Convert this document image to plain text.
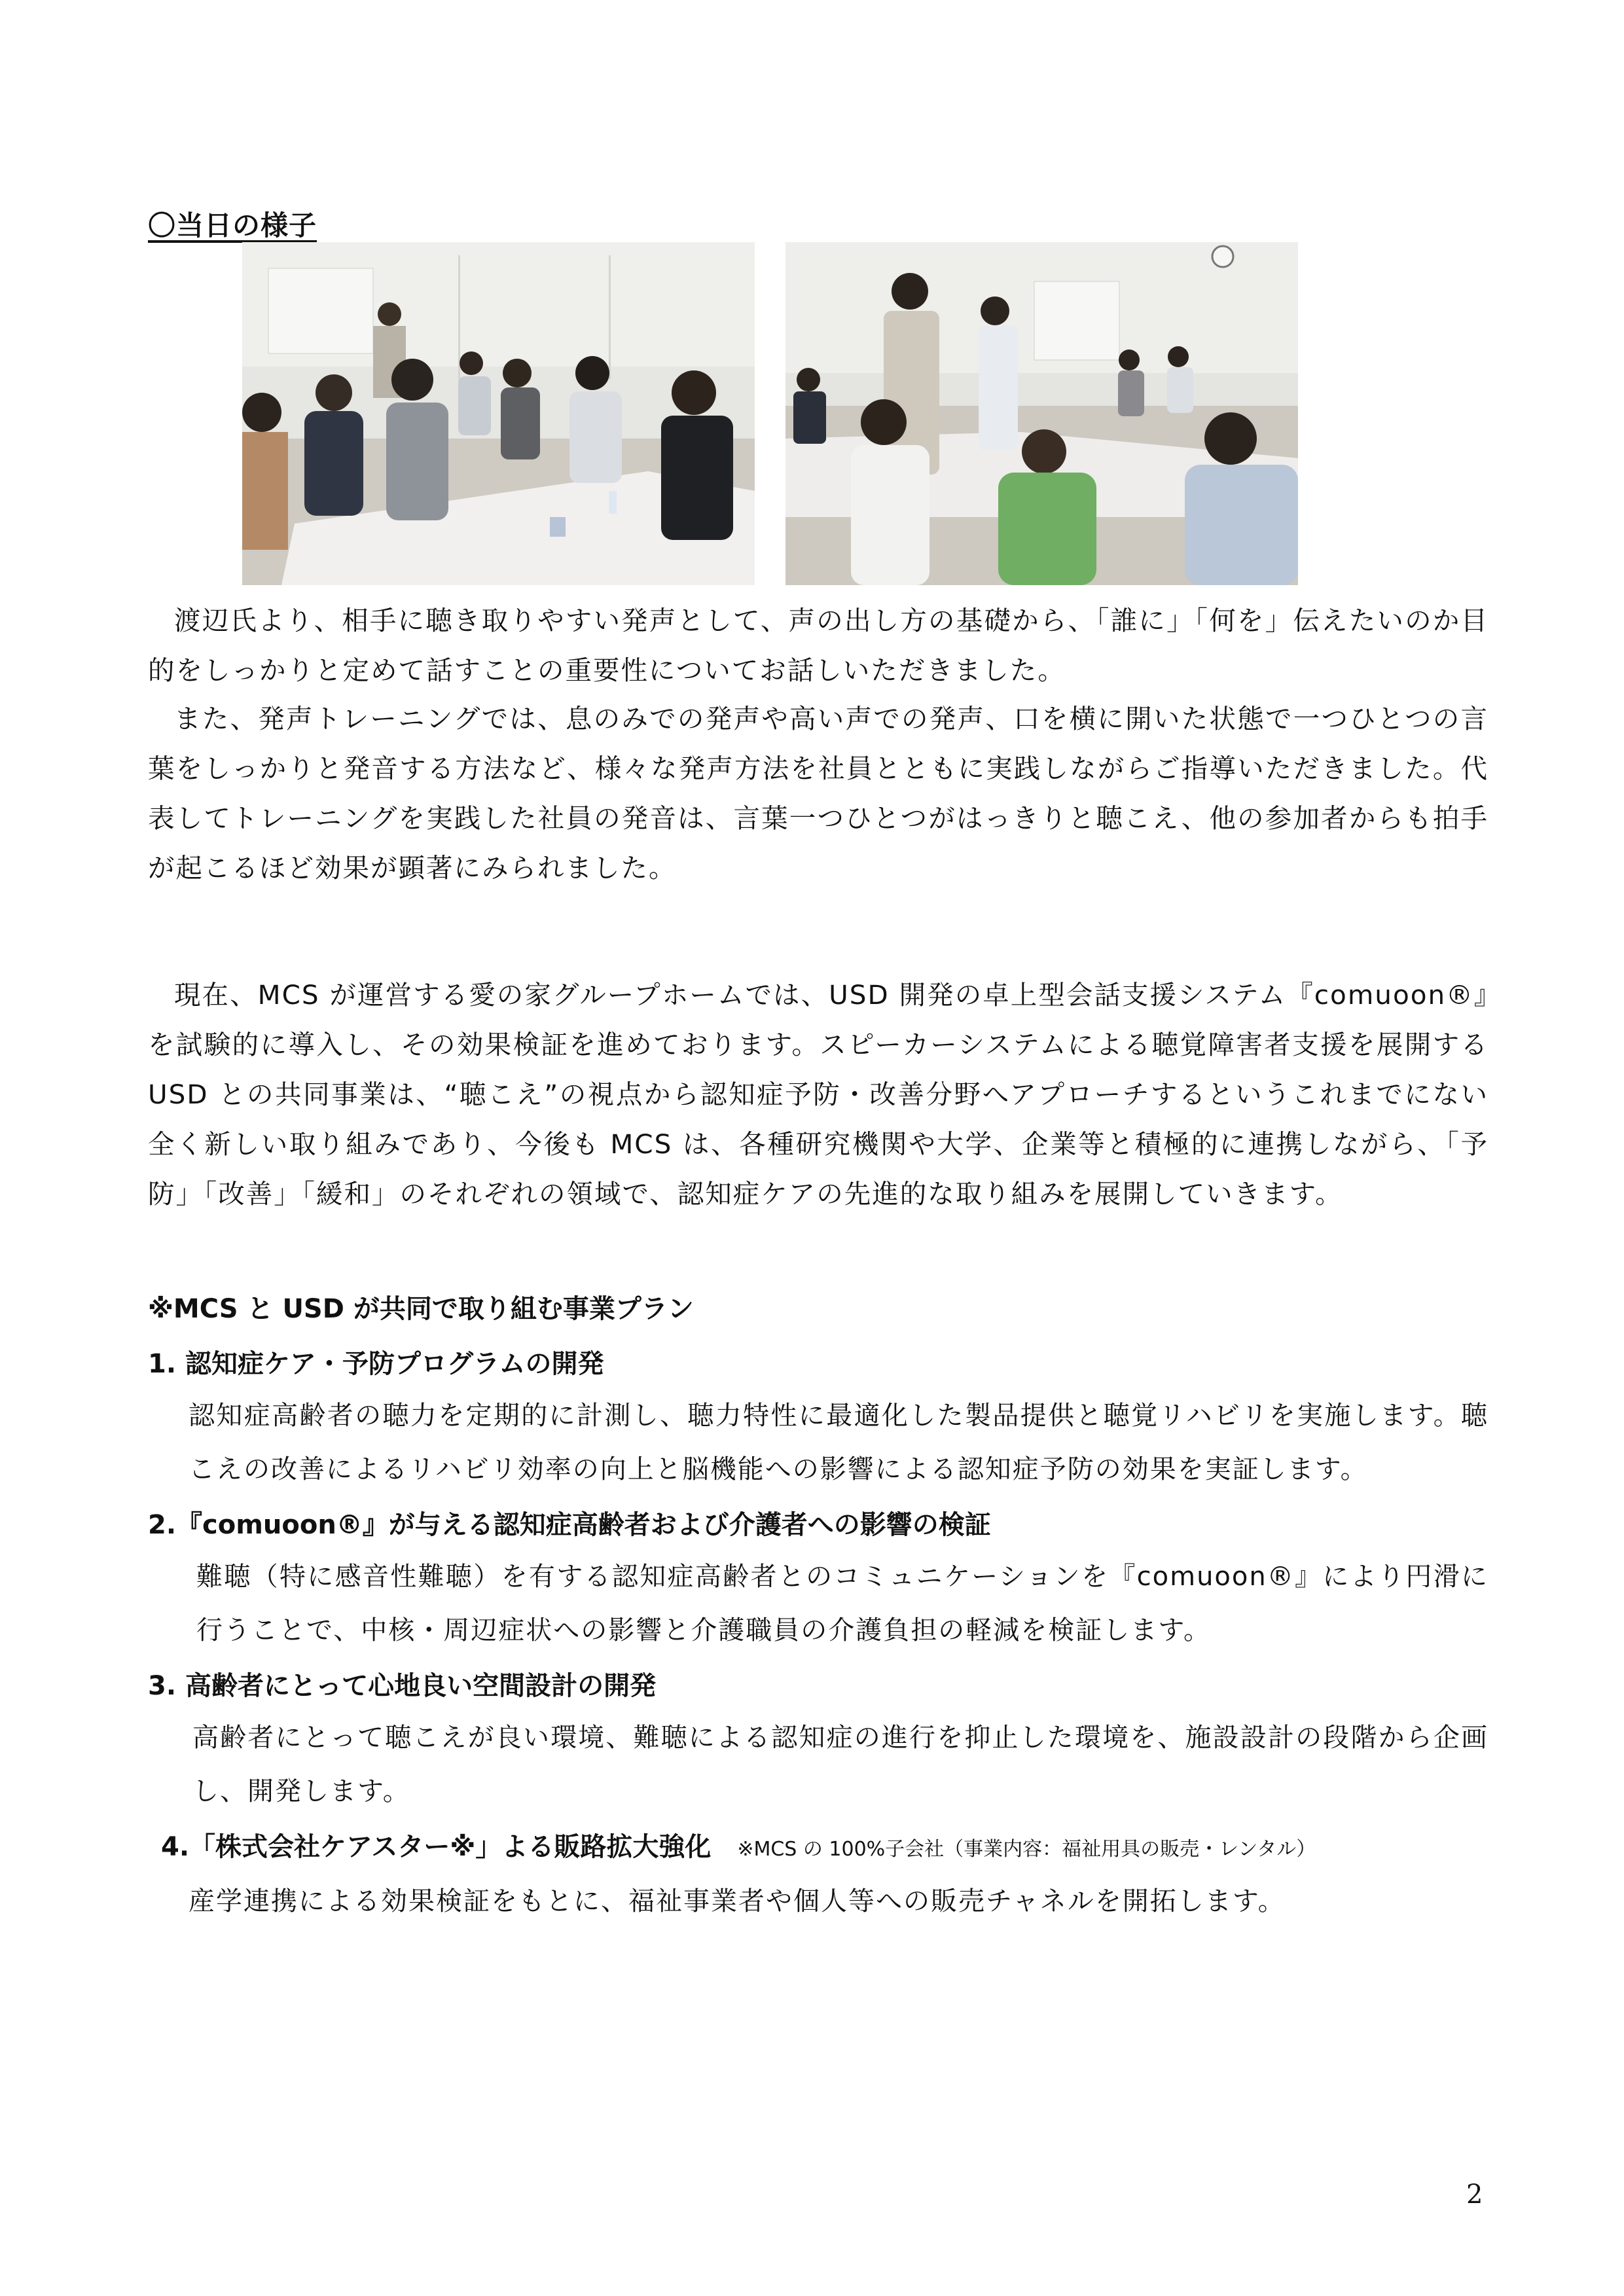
〇当日の様子

渡辺氏より、相手に聴き取りやすい発声として、声の出し方の基礎から、「誰に」「何を」伝えたいのか目的をしっかりと定めて話すことの重要性についてお話しいただきました。

また、発声トレーニングでは、息のみでの発声や高い声での発声、口を横に開いた状態で一つひとつの言葉をしっかりと発音する方法など、様々な発声方法を社員とともに実践しながらご指導いただきました。代表してトレーニングを実践した社員の発音は、言葉一つひとつがはっきりと聴こえ、他の参加者からも拍手が起こるほど効果が顕著にみられました。

現在、MCS が運営する愛の家グループホームでは、USD 開発の卓上型会話支援システム『comuoon®』を試験的に導入し、その効果検証を進めております。スピーカーシステムによる聴覚障害者支援を展開する USD との共同事業は、“聴こえ”の視点から認知症予防・改善分野へアプローチするというこれまでにない全く新しい取り組みであり、今後も MCS は、各種研究機関や大学、企業等と積極的に連携しながら、「予防」「改善」「緩和」のそれぞれの領域で、認知症ケアの先進的な取り組みを展開していきます。

※MCS と USD が共同で取り組む事業プラン

1. 認知症ケア・予防プログラムの開発

認知症高齢者の聴力を定期的に計測し、聴力特性に最適化した製品提供と聴覚リハビリを実施します。聴こえの改善によるリハビリ効率の向上と脳機能への影響による認知症予防の効果を実証します。

2.『comuoon®』が与える認知症高齢者および介護者への影響の検証

難聴（特に感音性難聴）を有する認知症高齢者とのコミュニケーションを『comuoon®』により円滑に行うことで、中核・周辺症状への影響と介護職員の介護負担の軽減を検証します。

3. 高齢者にとって心地良い空間設計の開発

高齢者にとって聴こえが良い環境、難聴による認知症の進行を抑止した環境を、施設設計の段階から企画し、開発します。

4.「株式会社ケアスター※」よる販路拡大強化 ※MCS の 100%子会社（事業内容：福祉用具の販売・レンタル）

産学連携による効果検証をもとに、福祉事業者や個人等への販売チャネルを開拓します。

2
